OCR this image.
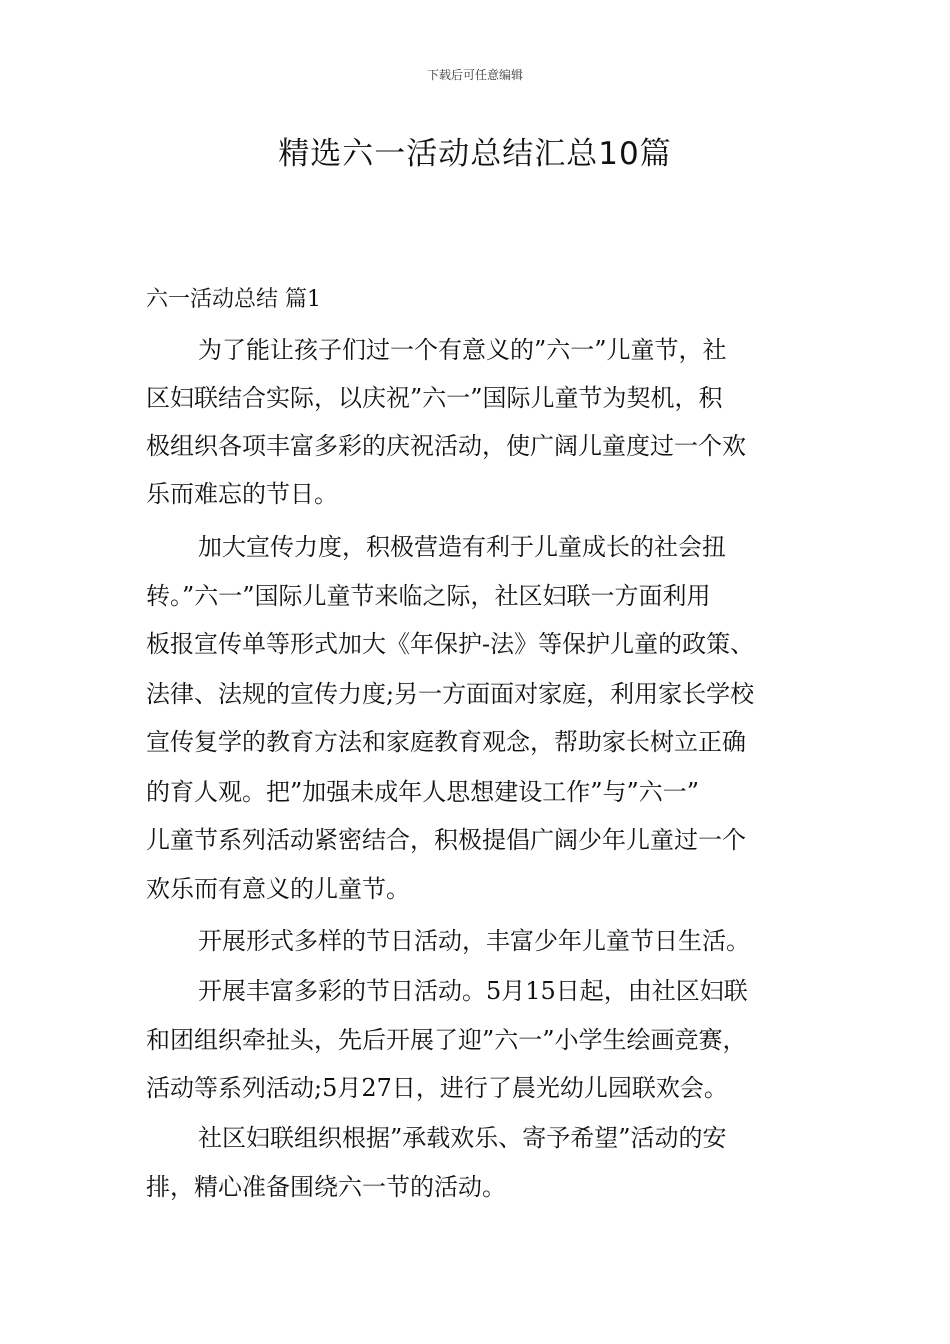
下载后可任意编辑
精选六一活动总结汇总10篇
六一活动总结 篇1
为了能让孩子们过一个有意义的”六一”儿童节，社
区妇联结合实际，以庆祝”六一”国际儿童节为契机，积
极组织各项丰富多彩的庆祝活动，使广阔儿童度过一个欢
乐而难忘的节日。
加大宣传力度，积极营造有利于儿童成长的社会扭
转。”六一”国际儿童节来临之际，社区妇联一方面利用
板报宣传单等形式加大《年保护-法》等保护儿童的政策、
法律、法规的宣传力度;另一方面面对家庭，利用家长学校
宣传复学的教育方法和家庭教育观念，帮助家长树立正确
的育人观。把”加强未成年人思想建设工作”与”六一”
儿童节系列活动紧密结合，积极提倡广阔少年儿童过一个
欢乐而有意义的儿童节。
开展形式多样的节日活动，丰富少年儿童节日生活。
开展丰富多彩的节日活动。5月15日起，由社区妇联
和团组织牵扯头，先后开展了迎”六一”小学生绘画竞赛，
活动等系列活动;5月27日，进行了晨光幼儿园联欢会。
社区妇联组织根据”承载欢乐、寄予希望”活动的安
排，精心准备围绕六一节的活动。
